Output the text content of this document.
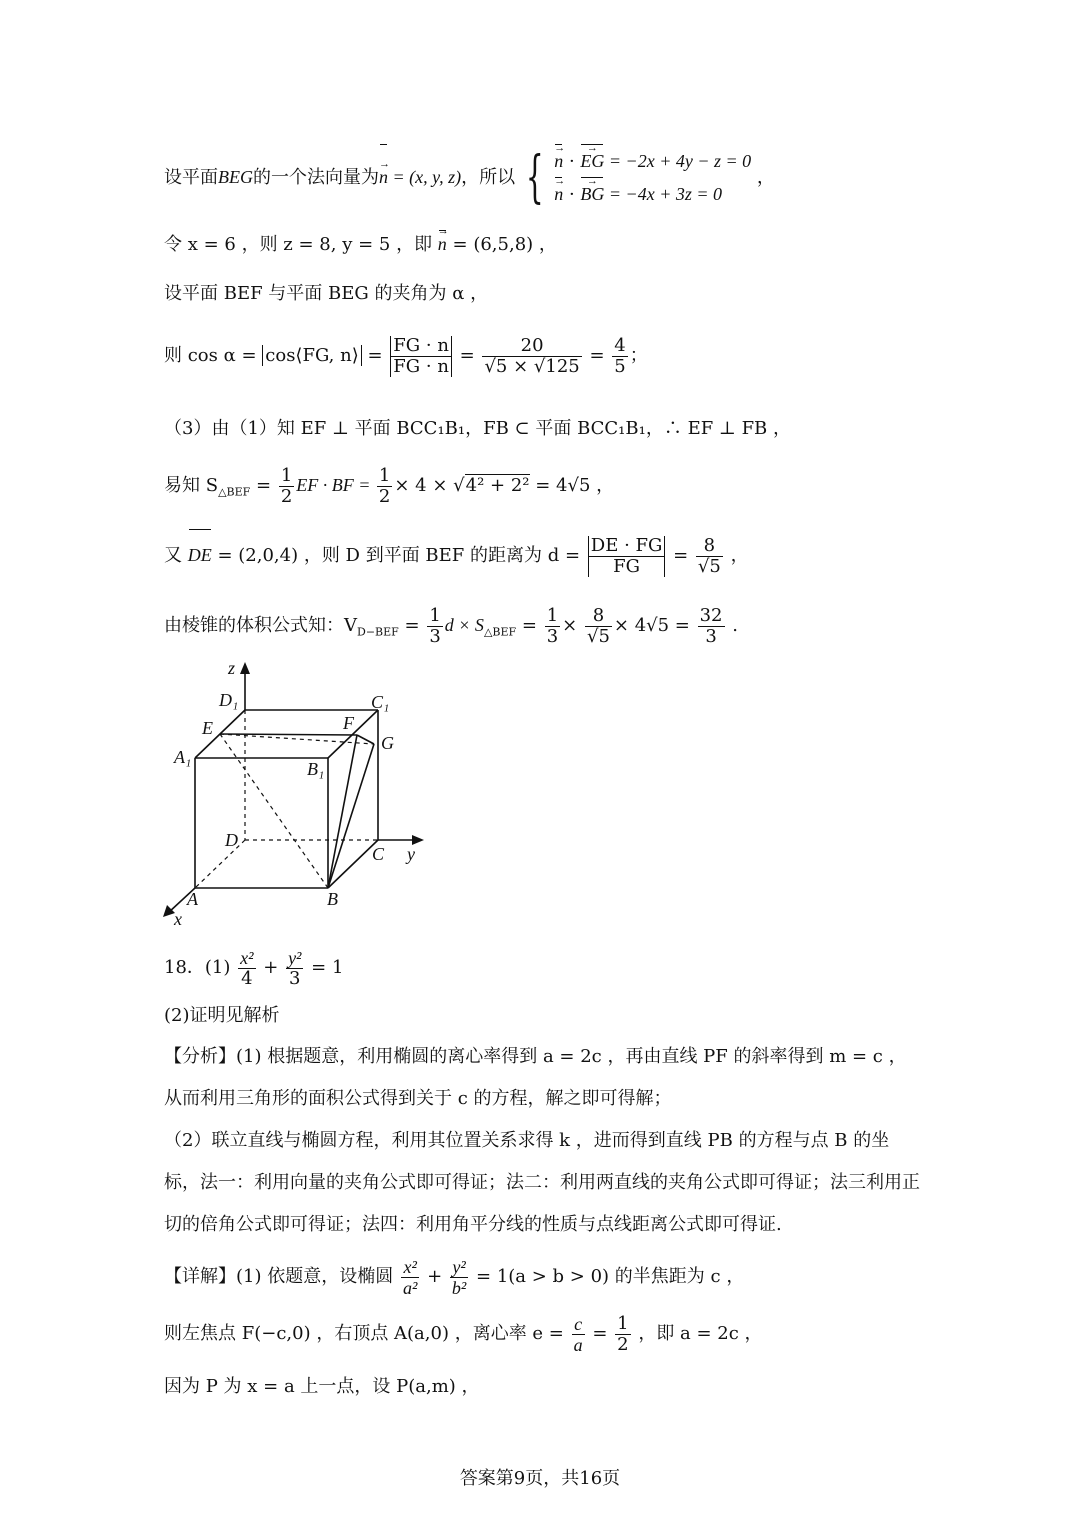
设平面BEG的一个法向量为n → = (x, y, z)，所以 { n → · EG → = −2x + 4y − z = 0
n → · BG → = −4x + 3z = 0
，
令 x = 6 ，则 z = 8, y = 5 ，即 n → = (6,5,8) ，
设平面 BEF 与平面 BEG 的夹角为 α ，
则 cos α = cos⟨FG, n⟩ = $\frac{FG \cdot n}{FG \cdot n} = \frac{20}{√5 \times √125} = \frac{4}{5}$ ；
（3）由（1）知 EF ⊥ 平面 BCC₁B₁，FB ⊂ 平面 BCC₁B₁，∴ EF ⊥ FB ，
易知 $S_{\triangle BEF} = \frac{1}{2}$ EF · BF = $\frac{1}{2} \times 4 \times √4^2 + 2^2 = 4√5$ ，
又 DE = (2,0,4) ，则 D 到平面 BEF 的距离为 $d = \frac{DE \cdot FG}{FG} = \frac{8}{√5}$ ，
由棱锥的体积公式知：$V_{D-BEF} = \frac{1}{3}$ $d \times S_{\triangle BEF} = \frac{1}{3} \times \frac{8}{√5} \times 4√5 = \frac{32}{3}$ .
z
y
x
D₁	C₁
E	F
G
A₁
B₁
D
C
A	B
18．$(1) \frac{\text{x²}}{4} + \frac{\text{y²}}{3} = 1$
(2)证明见解析
【分析】(1) 根据题意，利用椭圆的离心率得到 a = 2c ，再由直线 PF 的斜率得到 m = c ，从而利用三角形的面积公式得到关于 c 的方程，解之即可得解；
（2）联立直线与椭圆方程，利用其位置关系求得 k ，进而得到直线 PB 的方程与点 B 的坐标，法一：利用向量的夹角公式即可得证；法二：利用两直线的夹角公式即可得证；法三利用正切的倍角公式即可得证；法四：利用角平分线的性质与点线距离公式即可得证.
【详解】(1) 依题意，设椭圆 $\frac{\text{x²}}{\text{a²}} + \frac{\text{y²}}{\text{b²}} = 1(a > b > 0)$ 的半焦距为 c ，
则左焦点 F(−c,0) ，右顶点 A(a,0) ，离心率 $e = \frac{c}{a} = \frac{1}{2}$ ，即 a = 2c ，
因为 P 为 x = a 上一点，设 P(a,m) ，
答案第9页，共16页
